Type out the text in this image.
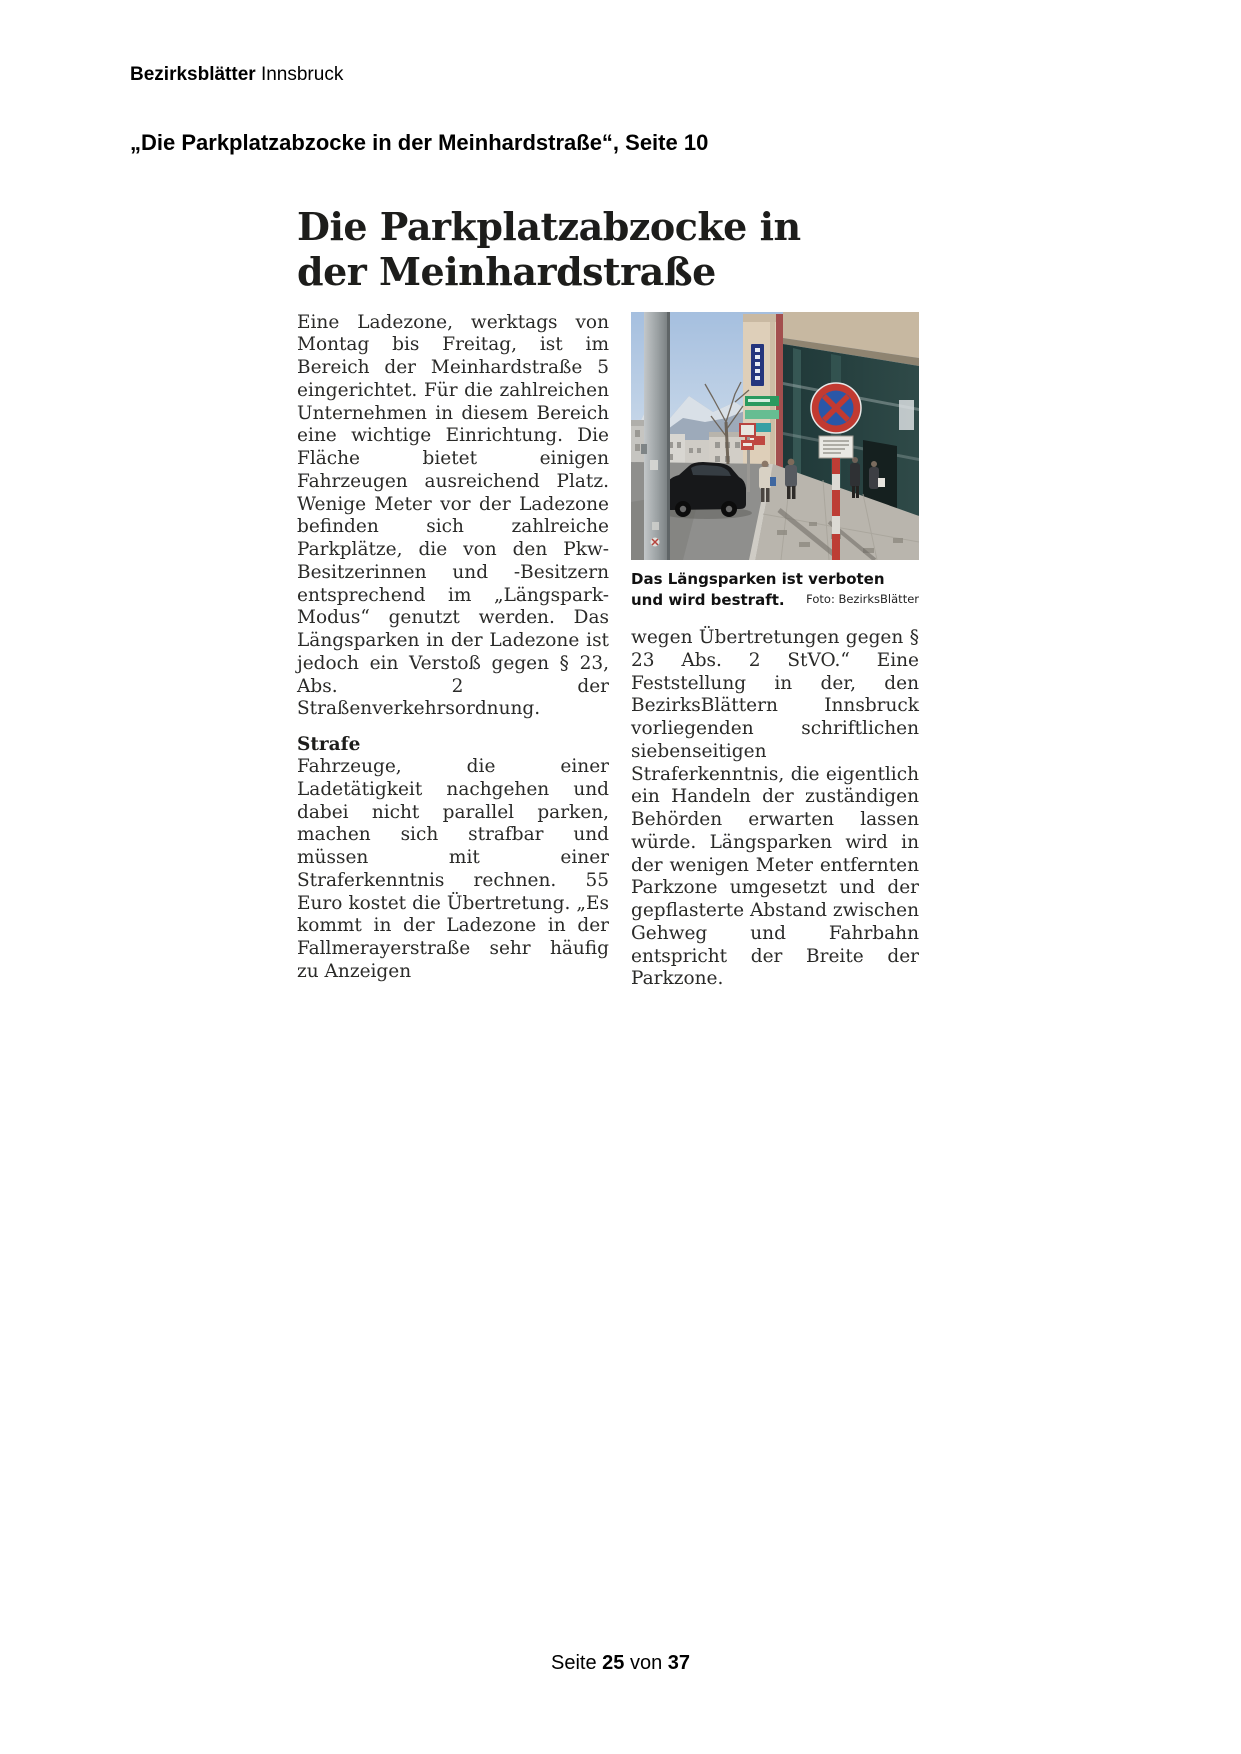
Bezirksblätter Innsbruck
„Die Parkplatzabzocke in der Meinhardstraße“, Seite 10
Die Parkplatzabzocke in der Meinhardstraße

Eine Ladezone, werktags von Montag bis Freitag, ist im Bereich der Meinhardstraße 5 eingerichtet. Für die zahlreichen Unternehmen in diesem Bereich eine wichtige Einrichtung. Die Fläche bietet einigen Fahrzeugen ausreichend Platz. Wenige Meter vor der Ladezone befinden sich zahlreiche Parkplätze, die von den Pkw-Besitzerinnen und -Besitzern entsprechend im „Längspark-Modus“ genutzt werden. Das Längsparken in der Ladezone ist jedoch ein Verstoß gegen § 23, Abs. 2 der Straßenverkehrsordnung.

Strafe

Fahrzeuge, die einer Ladetätigkeit nachgehen und dabei nicht parallel parken, machen sich strafbar und müssen mit einer Straferkenntnis rechnen. 55 Euro kostet die Übertretung. „Es kommt in der Ladezone in der Fallmerayerstraße sehr häufig zu Anzeigen

Das Längsparken ist verboten und wird bestraft. Foto: BezirksBlätter

wegen Übertretungen gegen § 23 Abs. 2 StVO.“ Eine Feststellung in der, den BezirksBlättern Innsbruck vorliegenden schriftlichen siebenseitigen Straferkenntnis, die eigentlich ein Handeln der zuständigen Behörden erwarten lassen würde. Längsparken wird in der wenigen Meter entfernten Parkzone umgesetzt und der gepflasterte Abstand zwischen Gehweg und Fahrbahn entspricht der Breite der Parkzone.

Seite 25 von 37
